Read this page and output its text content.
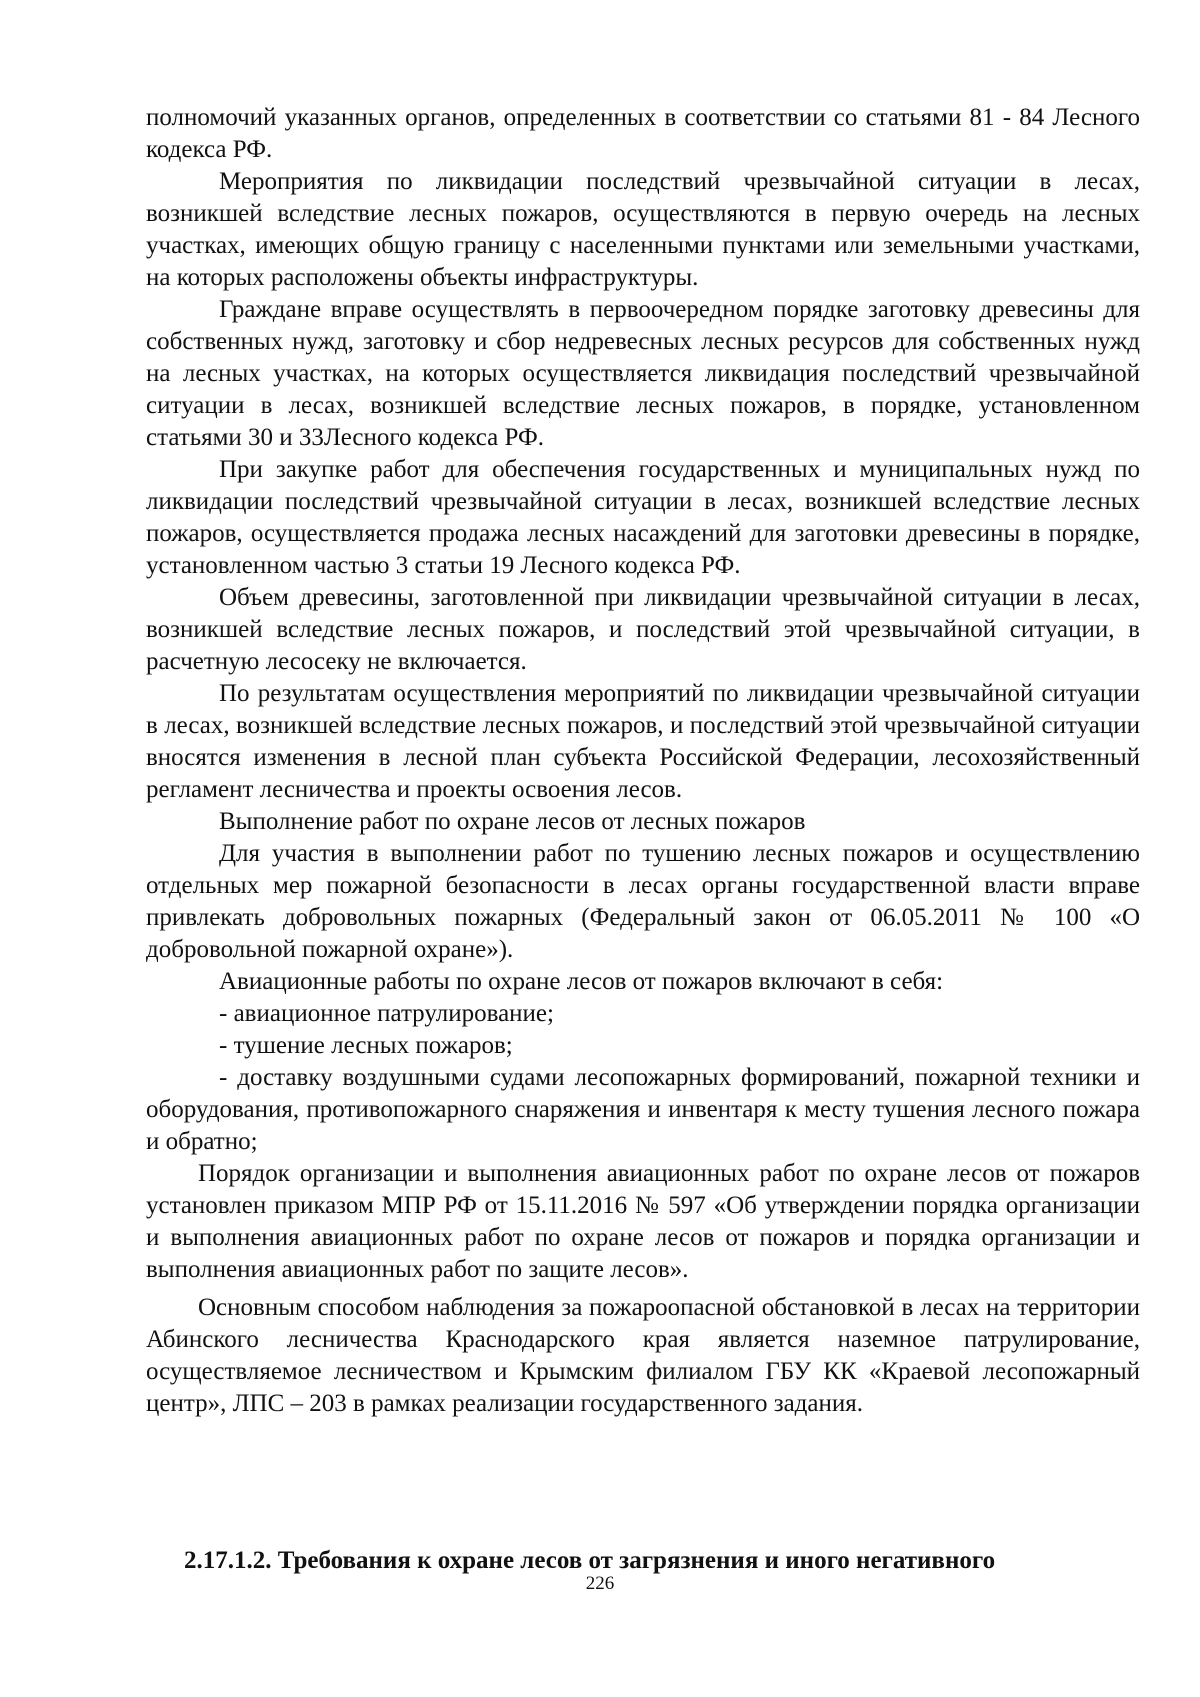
полномочий указанных органов, определенных в соответствии со статьями 81 - 84 Лесного кодекса РФ.

Мероприятия по ликвидации последствий чрезвычайной ситуации в лесах, возникшей вследствие лесных пожаров, осуществляются в первую очередь на лесных участках, имеющих общую границу с населенными пунктами или земельными участками, на которых расположены объекты инфраструктуры.

Граждане вправе осуществлять в первоочередном порядке заготовку древесины для собственных нужд, заготовку и сбор недревесных лесных ресурсов для собственных нужд на лесных участках, на которых осуществляется ликвидация последствий чрезвычайной ситуации в лесах, возникшей вследствие лесных пожаров, в порядке, установленном статьями 30 и 33Лесного кодекса РФ.

При закупке работ для обеспечения государственных и муниципальных нужд по ликвидации последствий чрезвычайной ситуации в лесах, возникшей вследствие лесных пожаров, осуществляется продажа лесных насаждений для заготовки древесины в порядке, установленном частью 3 статьи 19 Лесного кодекса РФ.

Объем древесины, заготовленной при ликвидации чрезвычайной ситуации в лесах, возникшей вследствие лесных пожаров, и последствий этой чрезвычайной ситуации, в расчетную лесосеку не включается.

По результатам осуществления мероприятий по ликвидации чрезвычайной ситуации в лесах, возникшей вследствие лесных пожаров, и последствий этой чрезвычайной ситуации вносятся изменения в лесной план субъекта Российской Федерации, лесохозяйственный регламент лесничества и проекты освоения лесов.

Выполнение работ по охране лесов от лесных пожаров

Для участия в выполнении работ по тушению лесных пожаров и осуществлению отдельных мер пожарной безопасности в лесах органы государственной власти вправе привлекать добровольных пожарных (Федеральный закон от 06.05.2011 № 100 «О добровольной пожарной охране»).

Авиационные работы по охране лесов от пожаров включают в себя:

- авиационное патрулирование;

- тушение лесных пожаров;

- доставку воздушными судами лесопожарных формирований, пожарной техники и оборудования, противопожарного снаряжения и инвентаря к месту тушения лесного пожара и обратно;

Порядок организации и выполнения авиационных работ по охране лесов от пожаров установлен приказом МПР РФ от 15.11.2016 № 597 «Об утверждении порядка организации и выполнения авиационных работ по охране лесов от пожаров и порядка организации и выполнения авиационных работ по защите лесов».

Основным способом наблюдения за пожароопасной обстановкой в лесах на территории Абинского лесничества Краснодарского края является наземное патрулирование, осуществляемое лесничеством и Крымским филиалом ГБУ КК «Краевой лесопожарный центр», ЛПС – 203 в рамках реализации государственного задания.

2.17.1.2. Требования к охране лесов от загрязнения и иного негативного

226
